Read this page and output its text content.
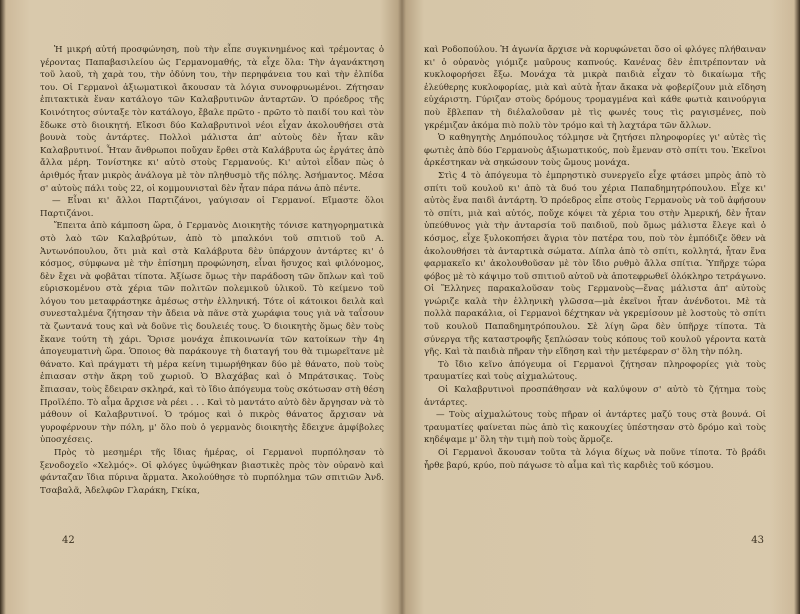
Ἡ μικρή αὐτή προσφώνηση, ποὺ τὴν εἶπε συγκινημένος καὶ τρέμοντας ὁ γέροντας Παπαβασιλείου ὡς Γερμανομαθής, τὰ εἶχε ὅλα: Τὴν ἀγανάκτηση τοῦ λαοῦ, τὴ χαρὰ του, τὴν ὀδύνη του, τὴν περηφάνεια του καὶ τὴν ἐλπίδα του. Οἱ Γερμανοὶ ἀξιωματικοὶ ἄκουσαν τὰ λόγια συνοφρυωμένοι. Ζήτησαν ἐπιτακτικὰ ἕναν κατάλογο τῶν Καλαβρυτινῶν ἀνταρτῶν. Ὁ πρόεδρος τῆς Κοινότητος σύνταξε τὸν κατάλογο, ἔβαλε πρῶτο - πρῶτο τὸ παιδί του καὶ τὸν ἔδωκε στὸ διοικητή. Εἴκοσι δύο Καλαβρυτινοὶ νέοι εἶχαν ἀκολουθήσει στὰ βουνὰ τοὺς ἀντάρτες. Πολλοὶ μάλιστα ἀπ' αὐτοὺς δὲν ἦταν κἂν Καλαβρυτινοί. Ἦταν ἄνθρωποι ποὔχαν ἔρθει στὰ Καλάβρυτα ὡς ἐργάτες ἀπὸ ἄλλα μέρη. Τονίστηκε κι' αὐτὸ στοὺς Γερμανούς. Κι' αὐτοὶ εἶδαν πὼς ὁ ἀριθμός ἦταν μικρὸς ἀνάλογα μὲ τὸν πληθυσμὸ τῆς πόλης. Ἀσήμαντος. Μέσα σ' αὐτοὺς πάλι τοὺς 22, οἱ κομμουνισταὶ δὲν ἦταν πάρα πάνω ἀπὸ πέντε.

— Εἶναι κι' ἄλλοι Παρτιζάνοι, γαύγισαν οἱ Γερμανοί. Εἴμαστε ὅλοι Παρτιζάνοι.

Ἔπειτα ἀπὸ κάμποση ὥρα, ὁ Γερμανὸς Διοικητὴς τόνισε κατηγορηματικὰ στὸ λαὸ τῶν Καλαβρύτων, ἀπὸ τὸ μπαλκόνι τοῦ σπιτιοῦ τοῦ Α. Ἀντωνόπουλου, ὅτι μιὰ καὶ στὰ Καλάβρυτα δὲν ὑπάρχουν ἀντάρτες κι' ὁ κόσμος, σύμφωνα μὲ τὴν ἐπίσημη προφώνηση, εἶναι ἥσυχος καὶ φιλόνομος, δὲν ἔχει νὰ φοβᾶται τίποτα. Ἀξίωσε ὅμως τὴν παράδοση τῶν ὅπλων καὶ τοῦ εὑρισκομένου στὰ χέρια τῶν πολιτῶν πολεμικοῦ ὑλικοῦ. Τὸ κείμενο τοῦ λόγου του μεταφράστηκε ἀμέσως στὴν ἑλληνική. Τότε οἱ κάτοικοι δειλὰ καὶ συνεσταλμένα ζήτησαν τὴν ἄδεια νὰ πᾶνε στὰ χωράφια τους γιὰ νὰ ταΐσουν τὰ ζωντανά τους καὶ νὰ δοῦνε τὶς δουλειές τους. Ὁ διοικητὴς ὅμως δὲν τοὺς ἔκανε τούτη τὴ χάρι. Ὅρισε μονάχα ἐπικοινωνία τῶν κατοίκων τὴν 4η ἀπογευματινὴ ὥρα. Ὁποιος θὰ παράκουγε τὴ διαταγή του θὰ τιμωρεῖτανε μὲ θάνατο. Καὶ πράγματι τὴ μέρα κείνη τιμωρήθηκαν δύο μὲ θάνατο, ποὺ τοὺς ἐπιασαν στὴν ἄκρη τοῦ χωριοῦ. Ὁ Βλαχάβας καὶ ὁ Μπράτσικας. Τοὺς ἔπιασαν, τοὺς ἔδειραν σκληρά, καὶ τὸ ἴδιο ἀπόγευμα τοὺς σκότωσαν στὴ θέση Προϊλέπο. Τὸ αἷμα ἄρχισε νὰ ρέει . . . Καὶ τὸ μαντάτο αὐτὸ δὲν ἄργησαν νὰ τὸ μάθουν οἱ Καλαβρυτινοί. Ὁ τρόμος καὶ ὁ πικρὸς θάνατος ἄρχισαν νὰ γυροφέρνουν τὴν πόλη, μ' ὅλο ποὺ ὁ γερμανὸς διοικητὴς ἔδειχνε ἀμφίβολες ὑποσχέσεις.

Πρὸς τὸ μεσημέρι τῆς ἴδιας ἡμέρας, οἱ Γερμανοὶ πυρπόλησαν τὸ ξενοδοχεῖο «Χελμός». Οἱ φλόγες ὑψώθηκαν βιαστικὲς πρὸς τὸν οὐρανὸ καὶ φάνταζαν ἴδια πύρινα ἅρματα. Ἀκολούθησε τὸ πυρπόλημα τῶν σπιτιῶν Ἀνδ. Τσαβαλᾶ, Ἀδελφῶν Γλαράκη, Γκίκα,

42

καὶ Ροδοπούλου. Ἡ ἀγωνία ἄρχισε νὰ κορυφώνεται ὅσο οἱ φλόγες πλήθαιναν κι' ὁ οὐρανὸς γιόμιζε μαῦρους καπνούς. Κανένας δὲν ἐπιτρέπονταν νὰ κυκλοφορήσει ἔξω. Μονάχα τὰ μικρὰ παιδιὰ εἶχαν τὸ δικαίωμα τῆς ἐλεύθερης κυκλοφορίας, μιὰ καὶ αὐτὰ ἦταν ἄκακα νὰ φοβερίζουν μιὰ εἴδηση εὐχάριστη. Γύριζαν στοὺς δρόμους τρομαγμένα καὶ κάθε φωτιὰ καινούργια ποὺ ἔβλεπαν τὴ διέλαλοῦσαν μὲ τὶς φωνές τους τὶς ραγισμένες, ποὺ γκρέμιζαν ἀκόμα πιὸ πολὺ τὸν τρόμο καὶ τὴ λαχτάρα τῶν ἄλλων.

Ὁ καθηγητὴς Δημόπουλος τόλμησε νὰ ζητήσει πληροφορίες γι' αὐτὲς τὶς φωτιὲς ἀπὸ δύο Γερμανοὺς ἀξιωματικούς, ποὺ ἔμεναν στὸ σπίτι του. Ἐκεῖνοι ἀρκέστηκαν νὰ σηκώσουν τοὺς ὤμους μονάχα.

Στὶς 4 τὸ ἀπόγευμα τὸ ἐμπρηστικὸ συνεργεῖο εἶχε φτάσει μπρὸς ἀπὸ τὸ σπίτι τοῦ κουλοῦ κι' ἀπὸ τὰ δυό του χέρια Παπαδημητρόπουλου. Εἶχε κι' αὐτὸς ἕνα παιδὶ ἀντάρτη. Ὁ πρόεδρος εἶπε στοὺς Γερμανοὺς νὰ τοῦ ἀφήσουν τὸ σπίτι, μιὰ καὶ αὐτός, ποὔχε κόψει τὰ χέρια του στὴν Ἀμερική, δὲν ἦταν ὑπεύθυνος γιὰ τὴν ἀνταρσία τοῦ παιδιοῦ, ποὺ ὅμως μάλιστα ἔλεγε καὶ ὁ κόσμος, εἶχε ξυλοκοπήσει ἄγρια τὸν πατέρα του, ποὺ τὸν ἐμπόδιζε ὅθεν νὰ ἀκολουθήσει τὰ ἀνταρτικὰ σώματα. Δίπλα ἀπὸ τὸ σπίτι, κολλητά, ἦταν ἕνα φαρμακεῖο κι' ἀκολουθοῦσαν μὲ τὸν ἴδιο ρυθμὸ ἄλλα σπίτια. Ὑπῆρχε τώρα φόβος μὲ τὸ κάψιμο τοῦ σπιτιοῦ αὐτοῦ νὰ ἀποτεφρωθεῖ ὁλόκληρο τετράγωνο. Οἱ Ἕλληνες παρακαλοῦσαν τοὺς Γερμανοὺς—ἕνας μάλιστα ἀπ' αὐτοὺς γνώριζε καλὰ τὴν ἑλληνικὴ γλῶσσα—μὰ ἐκεῖνοι ἦταν ἀνένδοτοι. Μὲ τὰ πολλὰ παρακάλια, οἱ Γερμανοὶ δέχτηκαν νὰ γκρεμίσουν μὲ λοστοὺς τὸ σπίτι τοῦ κουλοῦ Παπαδημητρόπουλου. Σὲ λίγη ὥρα δὲν ὑπῆρχε τίποτα. Τὰ σύνεργα τῆς καταστροφῆς ξεπλώσαν τοὺς κόπους τοῦ κουλοῦ γέροντα κατὰ γῆς. Καὶ τὰ παιδιὰ πῆραν τὴν εἴδηση καὶ τὴν μετέφεραν σ' ὅλη τὴν πόλη.

Τὸ ἴδιο κεῖνο ἀπόγευμα οἱ Γερμανοὶ ζήτησαν πληροφορίες γιὰ τοὺς τραυματίες καὶ τοὺς αἰχμαλώτους.

Οἱ Καλαβρυτινοὶ προσπάθησαν νὰ καλύψουν σ' αὐτὸ τὸ ζήτημα τοὺς ἀντάρτες.

— Τοὺς αἰχμαλώτους τοὺς πῆραν οἱ ἀντάρτες μαζύ τους στὰ βουνά. Οἱ τραυματίες φαίνεται πὼς ἀπὸ τὶς κακουχίες ὑπέστησαν στὸ δρόμο καὶ τοὺς κηδέψαμε μ' ὅλη τὴν τιμὴ ποὺ τοὺς ἅρμοζε.

Οἱ Γερμανοὶ ἄκουσαν τοῦτα τὰ λόγια δίχως νὰ ποῦνε τίποτα. Τὸ βράδι ἦρθε βαρύ, κρύο, ποὺ πάγωσε τὸ αἷμα καὶ τὶς καρδιὲς τοῦ κόσμου.

43
